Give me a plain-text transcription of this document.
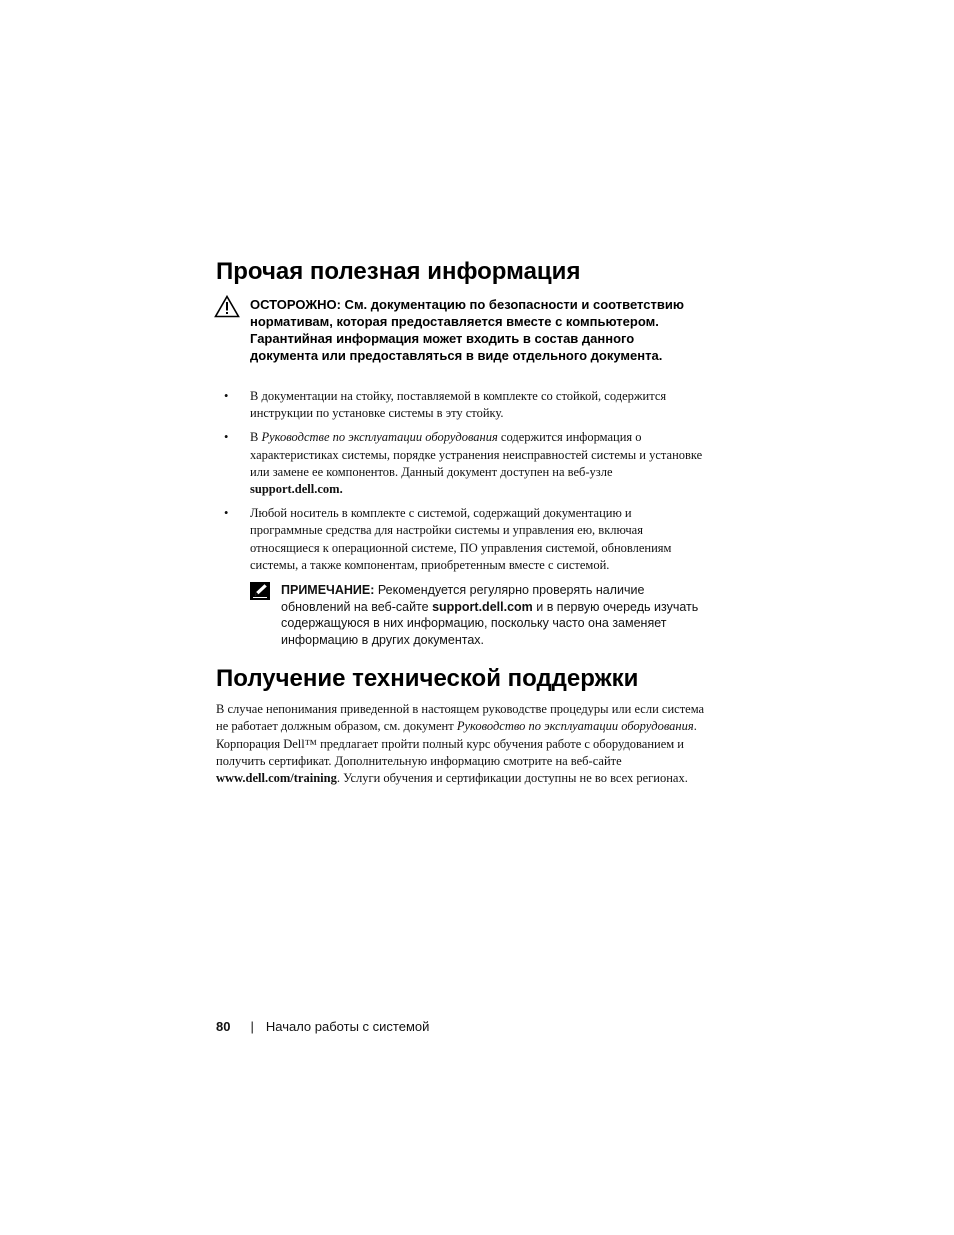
Прочая полезная информация
ОСТОРОЖНО: См. документацию по безопасности и соответствию нормативам, которая предоставляется вместе с компьютером. Гарантийная информация может входить в состав данного документа или предоставляться в виде отдельного документа.
• В документации на стойку, поставляемой в комплекте со стойкой, содержится инструкции по установке системы в эту стойку.
• В Руководстве по эксплуатации оборудования содержится информация о характеристиках системы, порядке устранения неисправностей системы и установке или замене ее компонентов. Данный документ доступен на веб-узле support.dell.com.
• Любой носитель в комплекте с системой, содержащий документацию и программные средства для настройки системы и управления ею, включая относящиеся к операционной системе, ПО управления системой, обновлениям системы, а также компонентам, приобретенным вместе с системой.
ПРИМЕЧАНИЕ: Рекомендуется регулярно проверять наличие обновлений на веб-сайте support.dell.com и в первую очередь изучать содержащуюся в них информацию, поскольку часто она заменяет информацию в других документах.
Получение технической поддержки

В случае непонимания приведенной в настоящем руководстве процедуры или если система не работает должным образом, см. документ Руководство по эксплуатации оборудования. Корпорация Dell™ предлагает пройти полный курс обучения работе с оборудованием и получить сертификат. Дополнительную информацию смотрите на веб-сайте www.dell.com/training. Услуги обучения и сертификации доступны не во всех регионах.

80 | Начало работы с системой
